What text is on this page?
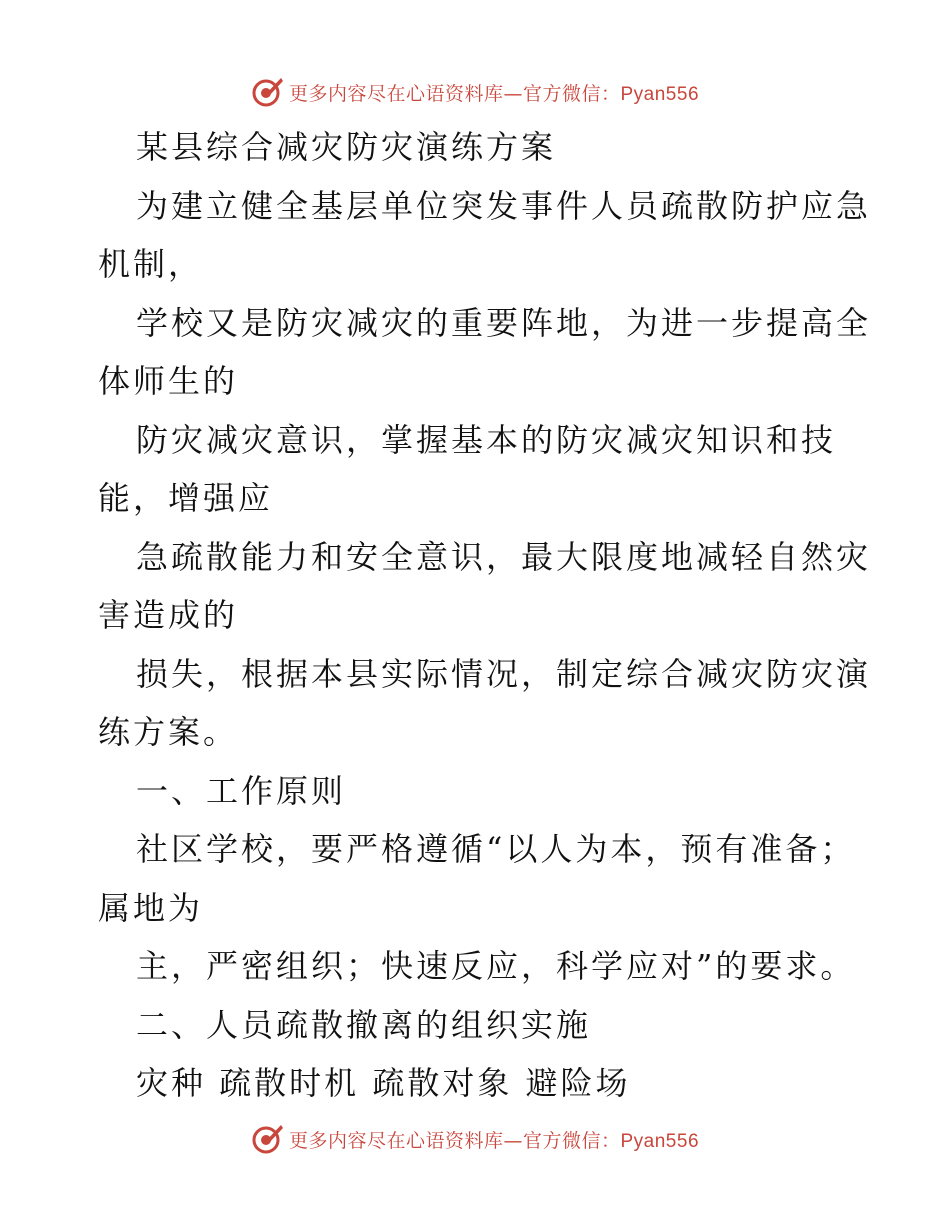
更多内容尽在心语资料库—官方微信：Pyan556
某县综合减灾防灾演练方案
为建立健全基层单位突发事件人员疏散防护应急
机制，
学校又是防灾减灾的重要阵地，为进一步提高全
体师生的
防灾减灾意识，掌握基本的防灾减灾知识和技
能，增强应
急疏散能力和安全意识，最大限度地减轻自然灾
害造成的
损失，根据本县实际情况，制定综合减灾防灾演
练方案。
一、工作原则
社区学校，要严格遵循“以人为本，预有准备；
属地为
主，严密组织；快速反应，科学应对”的要求。
二、人员疏散撤离的组织实施
灾种 疏散时机 疏散对象 避险场
更多内容尽在心语资料库—官方微信：Pyan556
